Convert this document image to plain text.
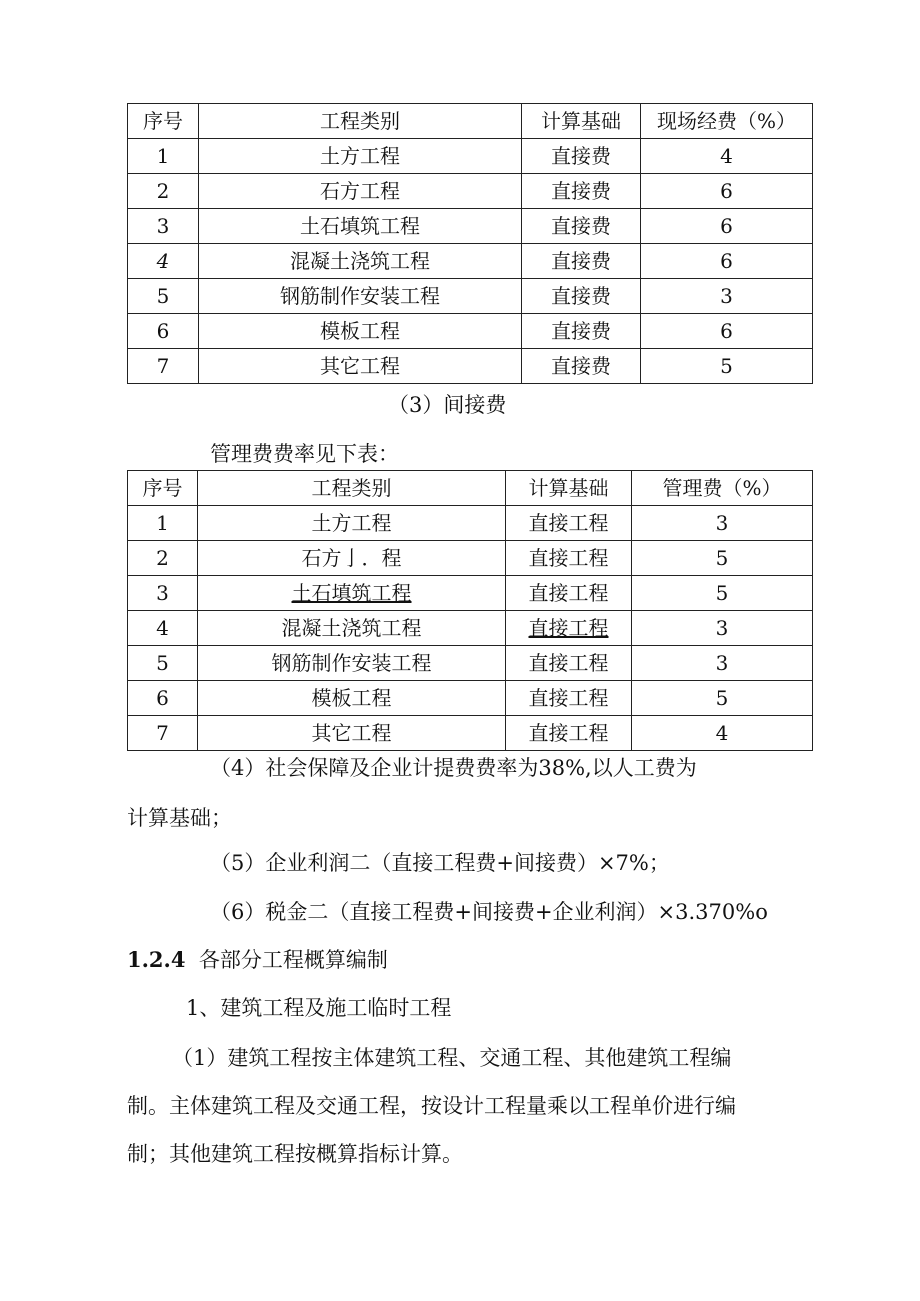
序号	工程类别	计算基础	现场经费（%）
1	土方工程	直接费	4
2	石方工程	直接费	6
3	土石填筑工程	直接费	6
4	混凝土浇筑工程	直接费	6
5	钢筋制作安装工程	直接费	3
6	模板工程	直接费	6
7	其它工程	直接费	5
（3）间接费
管理费费率见下表：
序号	工程类别	计算基础	管理费（%）
1	土方工程	直接工程	3
2	石方亅．程	直接工程	5
3	土石填筑工程	直接工程	5
4	混凝土浇筑工程	直接工程	3
5	钢筋制作安装工程	直接工程	3
6	模板工程	直接工程	5
7	其它工程	直接工程	4
（4）社会保障及企业计提费费率为38%,以人工费为
计算基础；
（5）企业利润二（直接工程费+间接费）×7%；
（6）税金二（直接工程费+间接费+企业利润）×3.370%o
1.2.4 各部分工程概算编制
1、建筑工程及施工临时工程
（1）建筑工程按主体建筑工程、交通工程、其他建筑工程编
制。主体建筑工程及交通工程，按设计工程量乘以工程单价进行编
制；其他建筑工程按概算指标计算。
